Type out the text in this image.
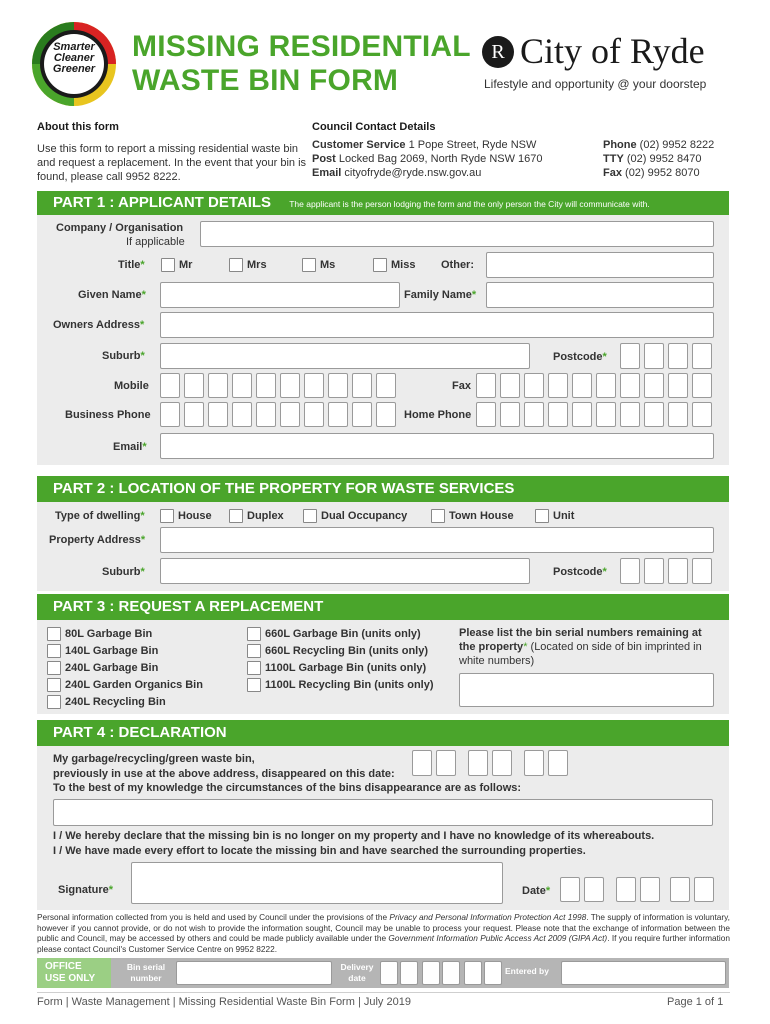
Smarter Cleaner Greener
MISSING RESIDENTIAL
WASTE BIN FORM
R City of Ryde
Lifestyle and opportunity @ your doorstep
About this form
Use this form to report a missing residential waste bin and request a replacement. In the event that your bin is found, please call 9952 8222.
Council Contact Details
Customer Service 1 Pope Street, Ryde NSW
Post Locked Bag 2069, North Ryde NSW 1670
Email cityofryde@ryde.nsw.gov.au
Phone (02) 9952 8222
TTY (02) 9952 8470
Fax (02) 9952 8070
PART 1 : APPLICANT DETAILS The applicant is the person lodging the form and the only person the City will communicate with.
Company / Organisation
If applicable
Title*	Mr	Mrs	Ms	Miss Other:
Given Name*	Family Name*
Owners Address*
Suburb*	Postcode*
Mobile	Fax
Business Phone	Home Phone
Email*
PART 2 : LOCATION OF THE PROPERTY FOR WASTE SERVICES
Type of dwelling*	House	Duplex	Dual Occupancy	Town House	Unit
Property Address*
Suburb*	Postcode*
PART 3 : REQUEST A REPLACEMENT
80L Garbage Bin
140L Garbage Bin
240L Garbage Bin
240L Garden Organics Bin
240L Recycling Bin
660L Garbage Bin (units only)
660L Recycling Bin (units only)
1100L Garbage Bin (units only)
1100L Recycling Bin (units only)
Please list the bin serial numbers remaining at the property* (Located on side of bin imprinted in white numbers)
PART 4 : DECLARATION
My garbage/recycling/green waste bin,
previously in use at the above address, disappeared on this date:
To the best of my knowledge the circumstances of the bins disappearance are as follows:
I / We hereby declare that the missing bin is no longer on my property and I have no knowledge of its whereabouts.
I / We have made every effort to locate the missing bin and have searched the surrounding properties.
Signature*	Date*
Personal information collected from you is held and used by Council under the provisions of the Privacy and Personal Information Protection Act 1998. The supply of information is voluntary, however if you cannot provide, or do not wish to provide the information sought, Council may be unable to process your request. Please note that the exchange of information between the public and Council, may be accessed by others and could be made publicly available under the Government Information Public Access Act 2009 (GIPA Act). If you require further information please contact Council's Customer Service Centre on 9952 8222.
OFFICE
USE ONLY
Bin serial
number
Delivery
date
Entered by
Form | Waste Management | Missing Residential Waste Bin Form | July 2019	Page 1 of 1
